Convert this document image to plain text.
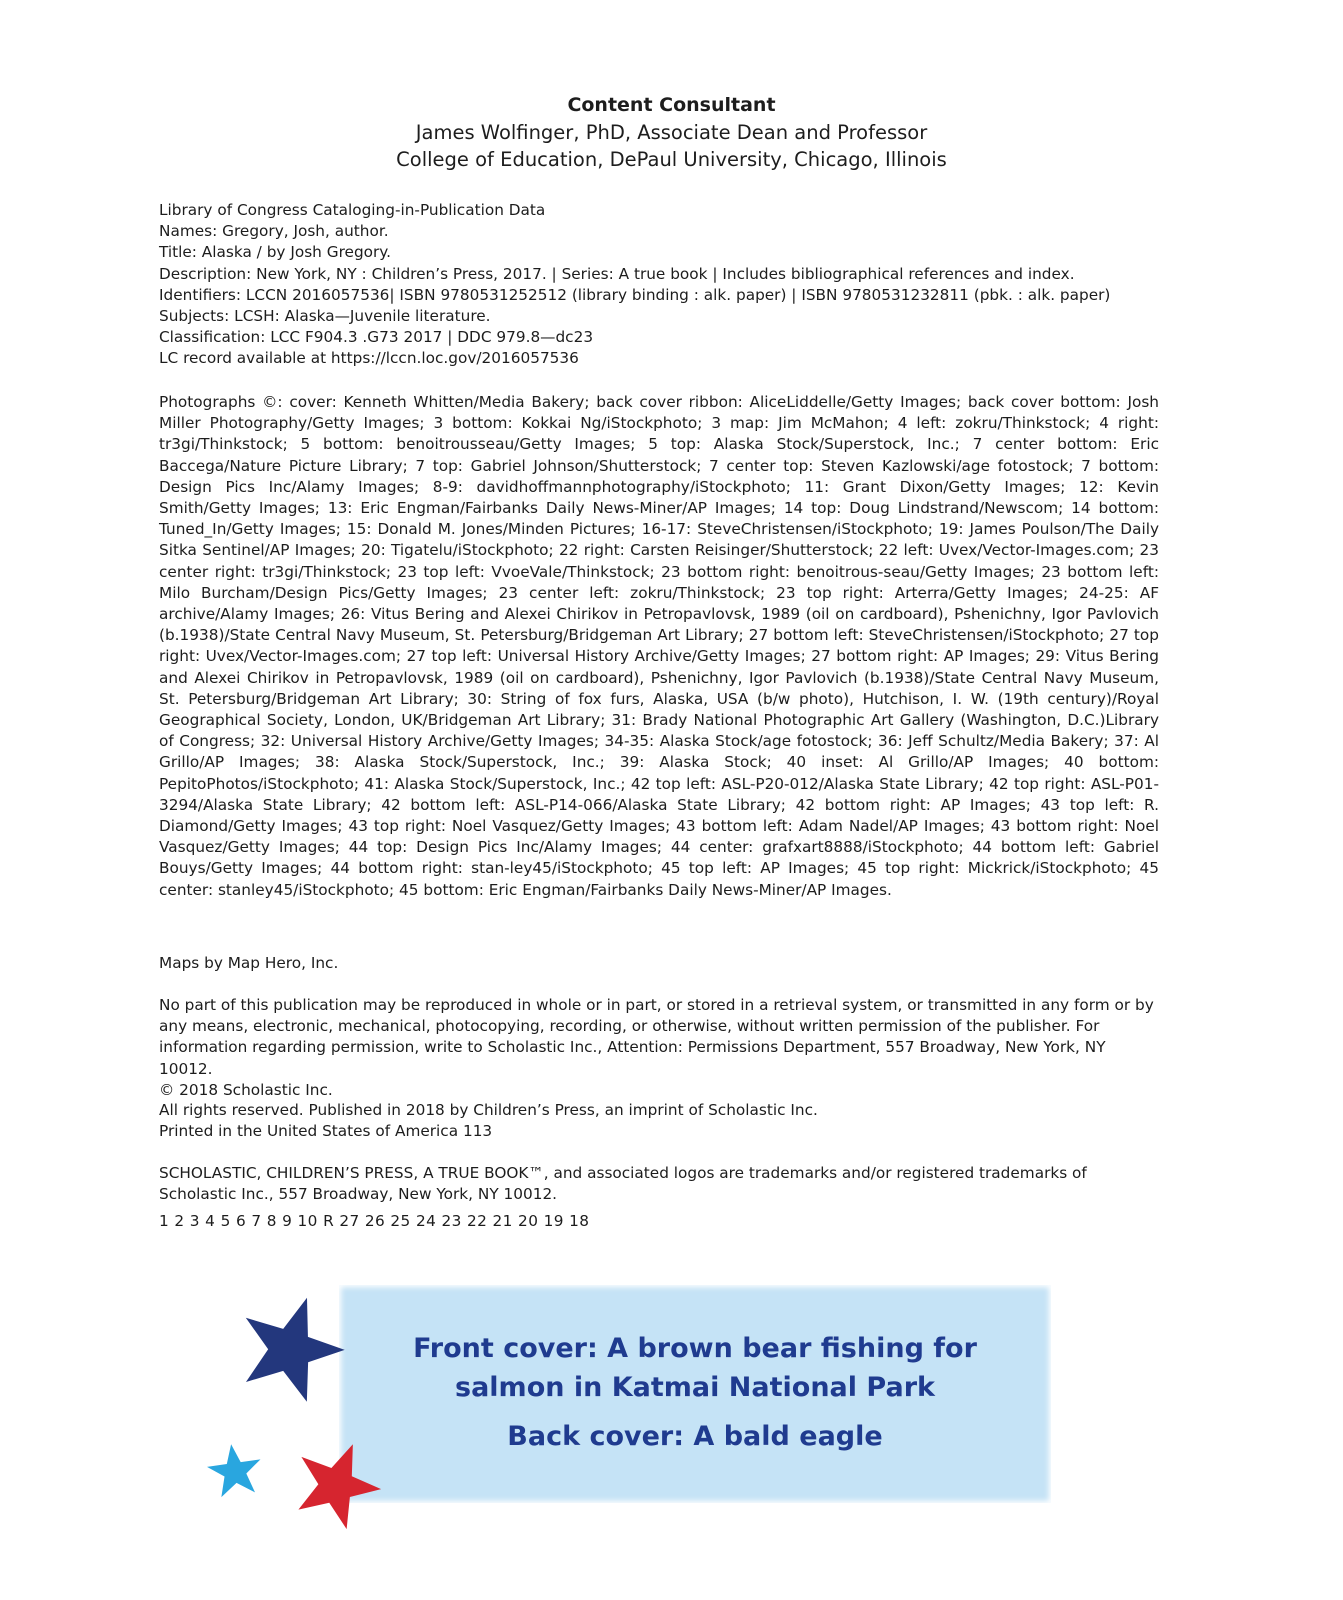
Content Consultant
James Wolfinger, PhD, Associate Dean and Professor
College of Education, DePaul University, Chicago, Illinois

Library of Congress Cataloging-in-Publication Data

Names: Gregory, Josh, author.

Title: Alaska / by Josh Gregory.

Description: New York, NY : Children’s Press, 2017. | Series: A true book | Includes bibliographical references and index.

Identifiers: LCCN 2016057536| ISBN 9780531252512 (library binding : alk. paper) | ISBN 9780531232811 (pbk. : alk. paper)

Subjects: LCSH: Alaska—Juvenile literature.

Classification: LCC F904.3 .G73 2017 | DDC 979.8—dc23

LC record available at https://lccn.loc.gov/2016057536

Photographs ©: cover: Kenneth Whitten/Media Bakery; back cover ribbon: AliceLiddelle/Getty Images; back cover bottom: Josh Miller Photography/Getty Images; 3 bottom: Kokkai Ng/iStockphoto; 3 map: Jim McMahon; 4 left: zokru/Thinkstock; 4 right: tr3gi/Thinkstock; 5 bottom: benoitrousseau/Getty Images; 5 top: Alaska Stock/Superstock, Inc.; 7 center bottom: Eric Baccega/Nature Picture Library; 7 top: Gabriel Johnson/Shutterstock; 7 center top: Steven Kazlowski/age fotostock; 7 bottom: Design Pics Inc/Alamy Images; 8-9: davidhoffmannphotography/iStockphoto; 11: Grant Dixon/Getty Images; 12: Kevin Smith/Getty Images; 13: Eric Engman/Fairbanks Daily News-Miner/AP Images; 14 top: Doug Lindstrand/Newscom; 14 bottom: Tuned_In/Getty Images; 15: Donald M. Jones/Minden Pictures; 16-17: SteveChristensen/iStockphoto; 19: James Poulson/The Daily Sitka Sentinel/AP Images; 20: Tigatelu/iStockphoto; 22 right: Carsten Reisinger/Shutterstock; 22 left: Uvex/Vector-Images.com; 23 center right: tr3gi/Thinkstock; 23 top left: VvoeVale/Thinkstock; 23 bottom right: benoitrous-seau/Getty Images; 23 bottom left: Milo Burcham/Design Pics/Getty Images; 23 center left: zokru/Thinkstock; 23 top right: Arterra/Getty Images; 24-25: AF archive/Alamy Images; 26: Vitus Bering and Alexei Chirikov in Petropavlovsk, 1989 (oil on cardboard), Pshenichny, Igor Pavlovich (b.1938)/State Central Navy Museum, St. Petersburg/Bridgeman Art Library; 27 bottom left: SteveChristensen/iStockphoto; 27 top right: Uvex/Vector-Images.com; 27 top left: Universal History Archive/Getty Images; 27 bottom right: AP Images; 29: Vitus Bering and Alexei Chirikov in Petropavlovsk, 1989 (oil on cardboard), Pshenichny, Igor Pavlovich (b.1938)/State Central Navy Museum, St. Petersburg/Bridgeman Art Library; 30: String of fox furs, Alaska, USA (b/w photo), Hutchison, I. W. (19th century)/Royal Geographical Society, London, UK/Bridgeman Art Library; 31: Brady National Photographic Art Gallery (Washington, D.C.)Library of Congress; 32: Universal History Archive/Getty Images; 34-35: Alaska Stock/age fotostock; 36: Jeff Schultz/Media Bakery; 37: Al Grillo/AP Images; 38: Alaska Stock/Superstock, Inc.; 39: Alaska Stock; 40 inset: Al Grillo/AP Images; 40 bottom: PepitoPhotos/iStockphoto; 41: Alaska Stock/Superstock, Inc.; 42 top left: ASL-P20-012/Alaska State Library; 42 top right: ASL-P01-3294/Alaska State Library; 42 bottom left: ASL-P14-066/Alaska State Library; 42 bottom right: AP Images; 43 top left: R. Diamond/Getty Images; 43 top right: Noel Vasquez/Getty Images; 43 bottom left: Adam Nadel/AP Images; 43 bottom right: Noel Vasquez/Getty Images; 44 top: Design Pics Inc/Alamy Images; 44 center: grafxart8888/iStockphoto; 44 bottom left: Gabriel Bouys/Getty Images; 44 bottom right: stan-ley45/iStockphoto; 45 top left: AP Images; 45 top right: Mickrick/iStockphoto; 45 center: stanley45/iStockphoto; 45 bottom: Eric Engman/Fairbanks Daily News-Miner/AP Images.
Maps by Map Hero, Inc.

No part of this publication may be reproduced in whole or in part, or stored in a retrieval system, or transmitted in any form or by any means, electronic, mechanical, photocopying, recording, or otherwise, without written permission of the publisher. For information regarding permission, write to Scholastic Inc., Attention: Permissions Department, 557 Broadway, New York, NY 10012.

© 2018 Scholastic Inc.

All rights reserved. Published in 2018 by Children’s Press, an imprint of Scholastic Inc.

Printed in the United States of America 113

SCHOLASTIC, CHILDREN’S PRESS, A TRUE BOOK™, and associated logos are trademarks and/or registered trademarks of

Scholastic Inc., 557 Broadway, New York, NY 10012.

1 2 3 4 5 6 7 8 9 10 R 27 26 25 24 23 22 21 20 19 18
Front cover: A brown bear fishing for
salmon in Katmai National Park
Back cover: A bald eagle
